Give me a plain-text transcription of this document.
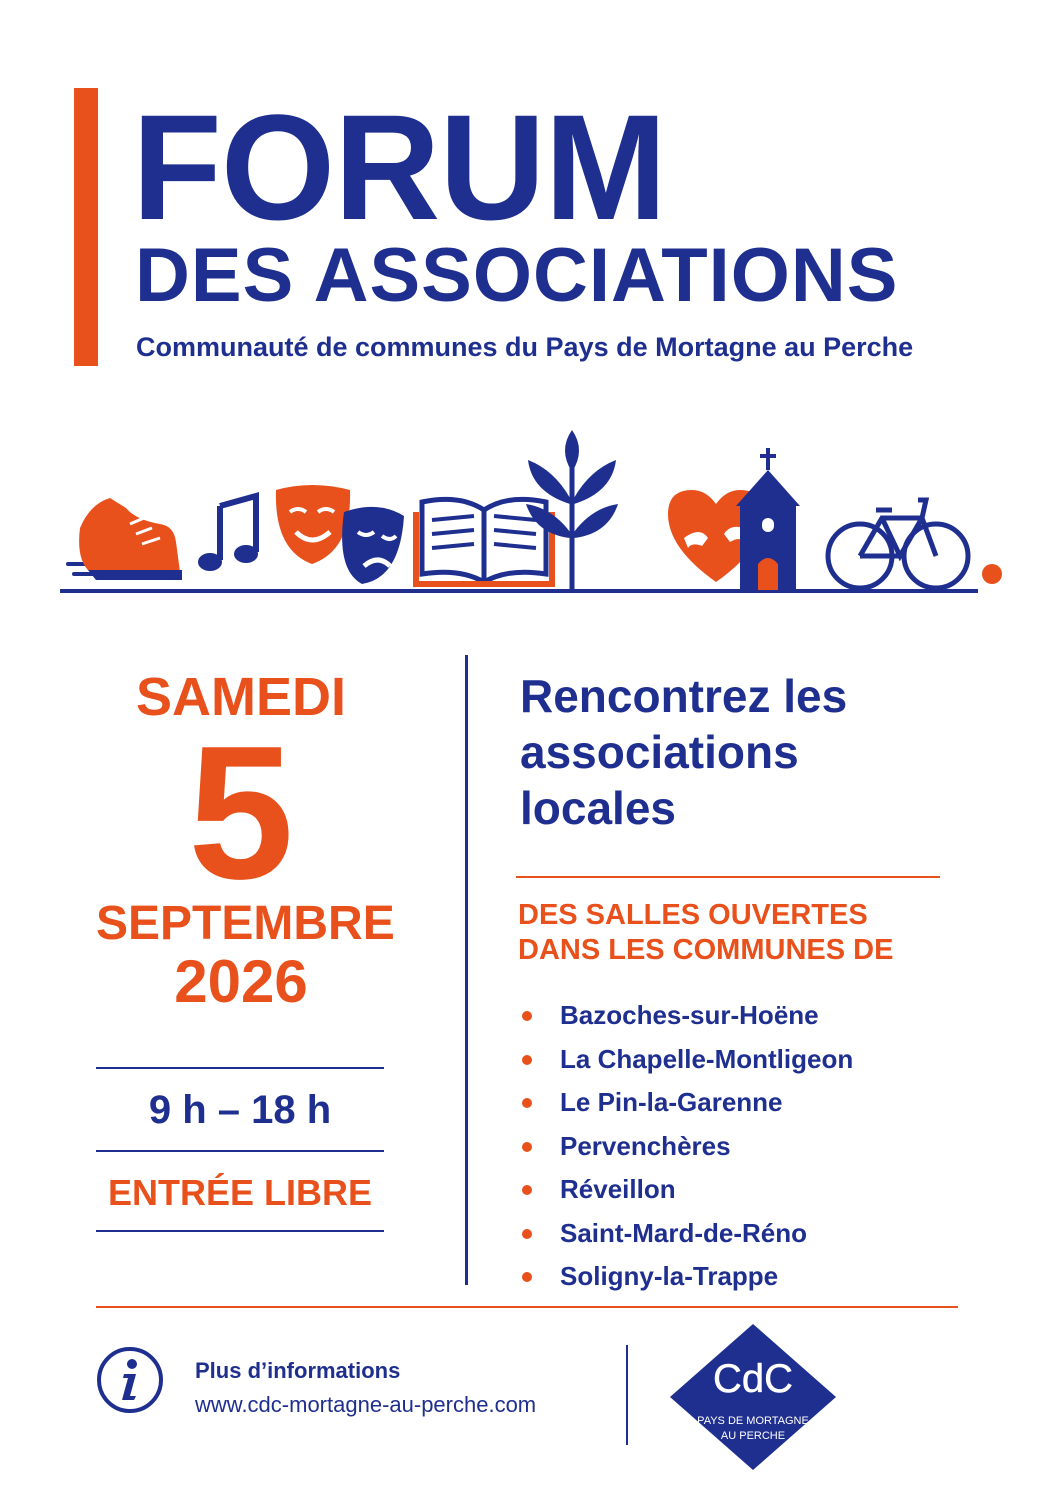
FORUM
DES ASSOCIATIONS
Communauté de communes du Pays de Mortagne au Perche
SAMEDI
5
SEPTEMBRE
2026
9 h – 18 h
ENTRÉE LIBRE
Rencontrez les associations locales
DES SALLES OUVERTES DANS LES COMMUNES DE
Bazoches-sur-Hoëne
La Chapelle-Montligeon
Le Pin-la-Garenne
Pervenchères
Réveillon
Saint-Mard-de-Réno
Soligny-la-Trappe
Plus d’informations
www.cdc-mortagne-au-perche.com
CdC
PAYS DE MORTAGNE
AU PERCHE
